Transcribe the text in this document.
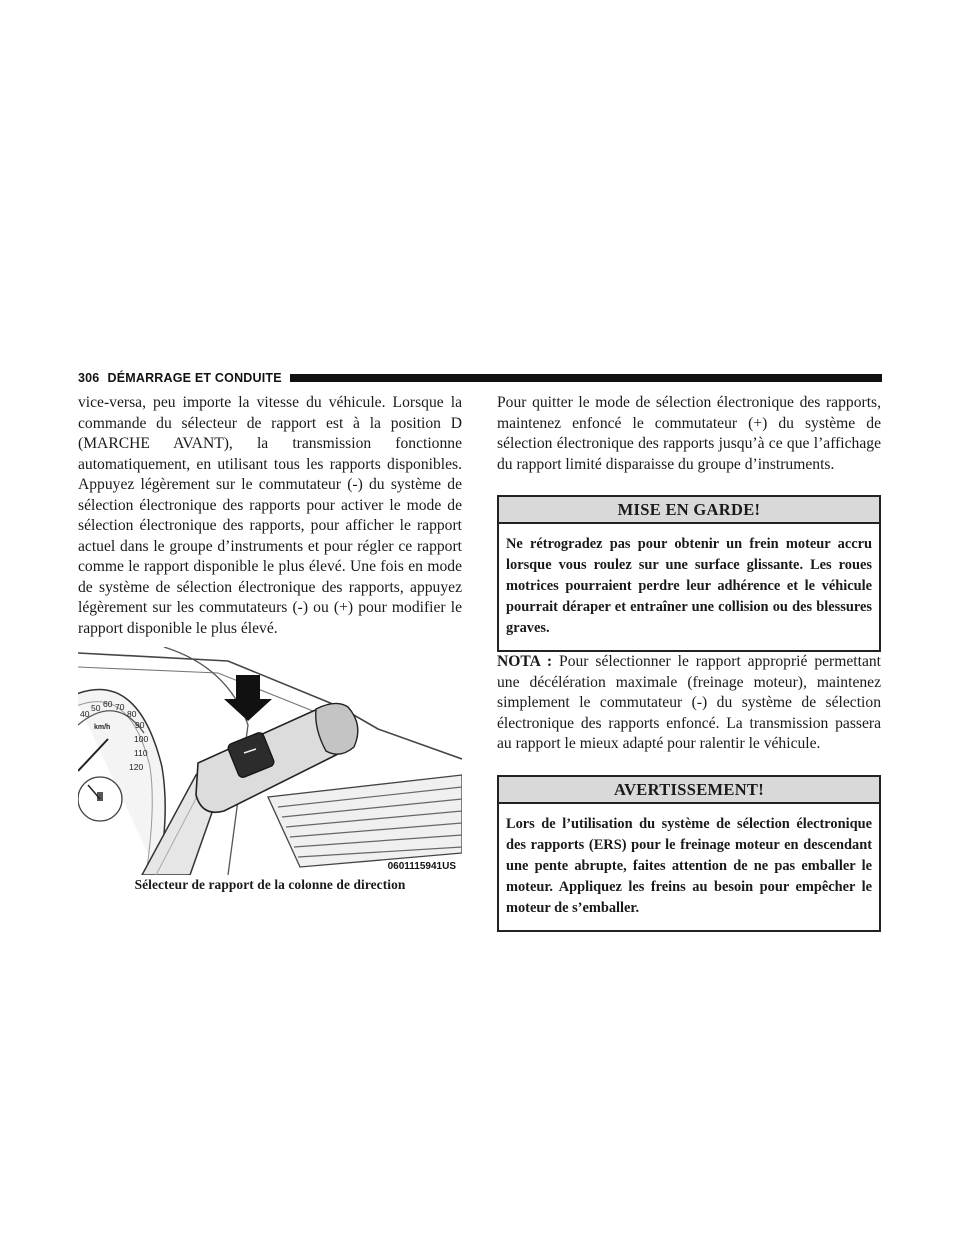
306 DÉMARRAGE ET CONDUITE

vice-versa, peu importe la vitesse du véhicule. Lorsque la commande du sélecteur de rapport est à la position D (MARCHE AVANT), la transmission fonctionne automatiquement, en utilisant tous les rapports disponibles. Appuyez légèrement sur le commutateur (-) du système de sélection électronique des rapports pour activer le mode de sélection électronique des rapports, pour afficher le rapport actuel dans le groupe d’instruments et pour régler ce rapport comme le rapport disponible le plus élevé. Une fois en mode de système de sélection électronique des rapports, appuyez légèrement sur les commutateurs (-) ou (+) pour modifier le rapport disponible le plus élevé.

40
50 60 70
80
90
100
110
120
km/h
0601115941US
Sélecteur de rapport de la colonne de direction

Pour quitter le mode de sélection électronique des rapports, maintenez enfoncé le commutateur (+) du système de sélection électronique des rapports jusqu’à ce que l’affichage du rapport limité disparaisse du groupe d’instruments.

MISE EN GARDE!
Ne rétrogradez pas pour obtenir un frein moteur accru lorsque vous roulez sur une surface glissante. Les roues motrices pourraient perdre leur adhérence et le véhicule pourrait déraper et entraîner une collision ou des blessures graves.

NOTA : Pour sélectionner le rapport approprié permettant une décélération maximale (freinage moteur), maintenez simplement le commutateur (-) du système de sélection électronique des rapports enfoncé. La transmission passera au rapport le mieux adapté pour ralentir le véhicule.

AVERTISSEMENT!
Lors de l’utilisation du système de sélection électronique des rapports (ERS) pour le freinage moteur en descendant une pente abrupte, faites attention de ne pas emballer le moteur. Appliquez les freins au besoin pour empêcher le moteur de s’emballer.
